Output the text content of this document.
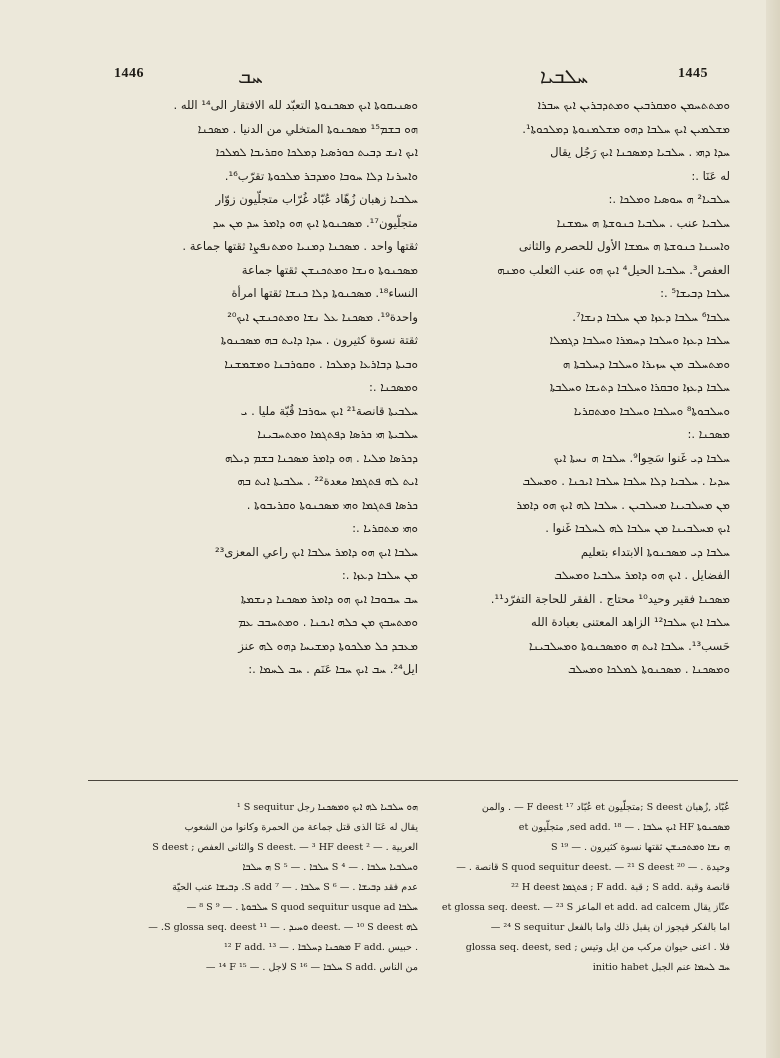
1446	ܚܒ	ܚܠܒܝܐ	1445

ܘܣܢܝܩܘܬܐ ܐܝܟ ܡܣܟܢܘܬܐ التعبّد لله الافتقار الى¹⁴ الله .

ܗܘ ܒܫܡ¹⁵ ܡܣܟܢܘܬܐ المتخلي من الدنيا . ܡܣܟܢܐ

ܐܝܟ ܐܢܫ ܕܒܝܬ ܟܘܪܣܝܐ ܕܡܠܟܐ ܘܩܪܝܒܐ ܠܡܠܟܐ

ܘܐܚܪܢܐ ܕܠܐ ܚܘܒܐ ܘܡܕܒܪ ܡܠܟܘܬܐ تقرّب¹⁶.

ܚܠܒܝܐ زهبان زُهّاد عُبّاد غُرّاب متجلّيون زوّار

متجلّيون¹⁷. ܡܣܟܢܘܬܐ ܐܝܟ ܗܘ ܕܐܡܪ ܚܕ ܡܢ ܚܕ

ثقتها واحد . ܡܣܟܢܐ ܕܡܢܝܐ ܘܡܬܢܦܨܐ ثقتها جماعة .

ܡܣܟܢܘܬܐ ܘܢܫܐ ܘܡܬܟܢܫܢ ثقتها جماعة

النساء¹⁸. ܡܣܟܢܘܬܐ ܕܠܐ ܟܢܫܐ ثقتها امرأة

واحدة¹⁹. ܡܣܟܢܐ ܥܠ ܢܫܐ ܘܡܬܟܢܫܢ ܐܝܟ²⁰

ثقتة نسوة كثيرون . ܚܕܐ ܕܐܝܬ ܒܗ ܡܣܟܢܘܬܐ

ܘܒܝܬܐ ܕܒܐܪܥܐ ܕܡܠܟܐ . ܘܩܘܪܒܢܐ ܘܡܫܡܫܢܐ

ܘܡܣܟܢܐ .:

ܚܠܒܝܬܐ قانصة²¹ ܐܝܟ ܚܘܪܒܐ قُبّة مليا . ܝ

ܚܠܒܝܬܐ ܗܝ ܟܪܣܐ ܕܦܬܓܡܐ ܘܡܬܚܒܝܢܐ

ܕܟܪܣܐ ܡܠܝܐ . ܗܘ ܕܐܡܪ ܡܣܟܢܐ ܒܫܡ ܕܝܠܗ

ܐܝܬ ܠܗ ܦܬܓܡܐ معدة²² . ܚܠܒܝܬܐ ܐܝܬ ܒܗ

ܟܪܣܐ ܦܬܓܡܐ ܘܗܝ ܡܣܟܢܘܬܐ ܘܩܪܝܒܘܬܐ .

ܘܗܝ ܡܬܩܪܝܐ .:

ܚܠܒܐ ܐܝܟ ܗܘ ܕܐܡܪ ܚܠܒܐ ܐܝܟ راعي المعزى²³

ܡܢ ܚܠܒܐ ܕܥܙܐ .:

ܚܒ ܚܒܘܒܐ ܐܝܟ ܗܘ ܕܐܡܪ ܡܣܟܢܐ ܕܢܫܡܬܐ

ܘܡܬܚܒܟ ܡܢ ܟܠܗ ܐܝܟܢܐ . ܘܡܬܚܒܒ ܥܡ

ܡܥܒܕ ܟܠ ܡܠܟܘܬܐ ܕܡܫܝܚܐ ܕܗܘ ܠܗ عنز

ايل²⁴. ܚܒ ܐܝܟ ܚܒܐ عَنَم . ܚܒ ܠܚܡܐ .:

ܘܡܬܬܚܡܢ ܘܡܩܪܒܝܢ ܘܡܬܕܒܪܝܢ ܐܝܟ ܚܒܪܐ

ܡܫܠܡܝܢ ܐܝܟ ܚܠܒܐ ܕܗܘ ܡܫܠܡܢܘܬܐ ܕܡܠܟܘܬܐ¹.

ܚܕܐ ܕܗܝ . ܚܠܒܝܐ ܕܡܣܟܢܐ ܐܝܟ رَجُل يقال

له عَنَا .:

ܚܠܒܝܐ² ܗ ܚܘܣܝܐ ܘܡܠܟܐ .:

ܚܠܒܝܐ عنب . ܚܠܒܝܐ ܟܢܘܫܬܐ ܗ ܚܡܫܢܐ

ܘܐܚܝܢܐ ܟܢܘܫܬܐ ܗ ܚܡܫܐ الأول للحصرم والثانى

العفص³. ܚܠܒܝܐ الحيل⁴ ܐܝܟ ܗܘ عنب الثعلب ܘܡܢܗ

ܚܠܒܐ ܕܒܝܫܐ⁵ .:

ܚܠܒܐ⁶ ܚܠܒܐ ܕܥܙܐ ܡܢ ܚܠܒܐ ܕܢܫܐ⁷.

ܚܠܒܐ ܕܥܙܐ ܘܚܠܒܐ ܕܚܡܪܐ ܘܚܠܒܐ ܕܓܡܠܐ

ܘܡܬܚܠܒ ܡܢ ܚܙܝܪܐ ܘܚܠܒܐ ܕܚܠܒܬܐ ܗ

ܚܠܒܐ ܕܥܙܐ ܘܒܩܪܐ ܘܚܠܒܐ ܕܬܝܫܐ ܘܚܠܒܬܐ

ܘܚܠܒܘܬܐ⁸ ܘܚܠܒܐ ܘܚܠܒܐ ܘܡܬܩܪܝܐ

ܡܣܟܢܐ .:

ܚܠܒܐ ܕܝ غَنوا سَحِوا⁹. ܚܠܒܐ ܗ ܢܚܬܐ ܐܝܟ

ܚܕܝܐ . ܚܠܒܝܐ ܕܠܐ ܚܠܒܐ ܚܠܒܐ ܐܝܟܢܐ . ܘܡܚܠܒ

ܡܢ ܡܚܠܒܝܢܐ ܡܚܠܒܝܢ . ܚܠܒܐ ܠܗ ܐܝܟ ܗܘ ܕܐܡܪ

ܐܝܟ ܡܚܠܒܝܢܐ ܡܢ ܚܠܒܐ ܠܗ ܠܚܠܒܐ غَنوا .

ܚܠܒܐ ܕܝ ܡܣܟܢܘܬܐ الابتداء بتعليم

الفضايل . ܐܝܟ ܗܘ ܕܐܡܪ ܚܠܒܝܐ ܘܡܚܠܒ

ܡܣܟܢܐ فقير وحيد¹⁰ محتاج . الفقر للحاجة التفرّد¹¹.

ܚܠܒܐ ܐܝܟ ܚܠܒܐ¹² الزاهد المعتنى بعبادة الله

حَسب¹³. ܚܠܒܐ ܐܝܬ ܗ ܘܡܣܟܢܘܬܐ ܘܡܚܠܒܝܢܐ

ܘܡܣܟܢܐ . ܡܣܟܢܘܬܐ ܠܡܠܟܐ ܘܡܚܠܒ

¹ S sequitur ܗܘ ܚܠܒܝܐ ܠܗ ܐܝܟ ܘܡܣܟܢܐ رجل

يقال له عَنَا الذى قتل جماعة من الحمرة وكانوا من الشعوب

العربية . — ² S deest. — ³ HF deest والثانى العفص ; S deest

ܘܚܠܒܝܐ ܚܠܒܐ . — ⁴ S ܚܠܒܐ . — ⁵ S ܗ ܚܠܒܐ

عدم فقد ܕܒܝܫܐ . — ⁶ S ܚܠܒܐ . — ⁷ S add. ܕܒܝܫܐ عنب الحيّة

— ⁸ S ܚܠܒܘܬܐ . — ⁹ S quod sequitur usque ad ܚܠܒܐ

ܠܗ deest. — ¹⁰ S deest ܘܚܝܕ . — ¹¹ S glossa seq. deest. —

¹² F add. ܡܣܟܢܐ ܕܚܠܒܐ . — ¹³ F add. حبيس .

— ¹⁴ F لاجل . — ¹⁵ S ܚܠܒܐ — ¹⁶ S add. من الناس

عُبّاد ,زُهبان S deest ;متجلّيون et عُبّاد F deest ¹⁷ — . والمن

et متجلّيون ,sed add. ܐܝܟ ܚܠܒܐ . — ¹⁸ HF ܡܣܟܢܘܬܐ

S ¹⁹ — . ܗ ܢܫܐ ܘܡܬܟܢܫܢ ثقتها نسوة كثيرون

وحيدة . — ²⁰ S quod sequitur deest. — ²¹ S deest قانصة . —

²² H deest ܦܬܓܡܐ ; F add. قبة ; S add. قانصة وقبة

et glossa seq. deest. — ²³ S الماعز et add. ad calcem عنّاز يقال

— ²⁴ S sequitur اما بالفكر فيجوز ان يقبل ذلك واما بالفعل

فلا . اعنى حيوان مركب من ايل وتيس ; glossa seq. deest, sed

initio habet ܚܒ ܠܚܡܐ عنم الجبل
